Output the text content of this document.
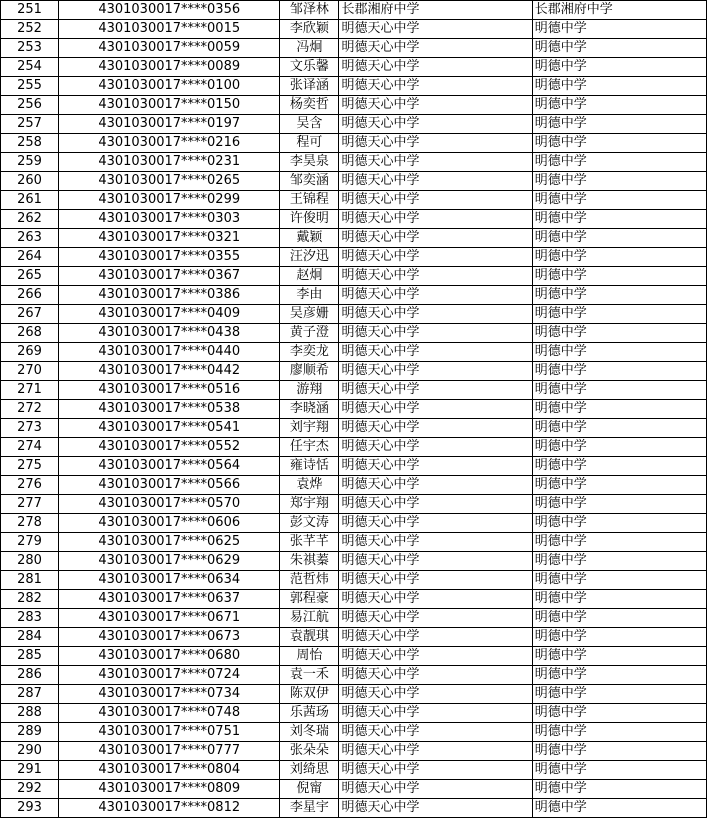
251	4301030017****0356	邹泽林	长郡湘府中学	长郡湘府中学
252	4301030017****0015	李欣颖	明德天心中学	明德中学
253	4301030017****0059	冯炯	明德天心中学	明德中学
254	4301030017****0089	文乐馨	明德天心中学	明德中学
255	4301030017****0100	张译涵	明德天心中学	明德中学
256	4301030017****0150	杨奕哲	明德天心中学	明德中学
257	4301030017****0197	吴含	明德天心中学	明德中学
258	4301030017****0216	程可	明德天心中学	明德中学
259	4301030017****0231	李昊泉	明德天心中学	明德中学
260	4301030017****0265	邹奕涵	明德天心中学	明德中学
261	4301030017****0299	王锦程	明德天心中学	明德中学
262	4301030017****0303	许俊明	明德天心中学	明德中学
263	4301030017****0321	戴颖	明德天心中学	明德中学
264	4301030017****0355	汪汐迅	明德天心中学	明德中学
265	4301030017****0367	赵炯	明德天心中学	明德中学
266	4301030017****0386	李由	明德天心中学	明德中学
267	4301030017****0409	吴彦姗	明德天心中学	明德中学
268	4301030017****0438	黄子澄	明德天心中学	明德中学
269	4301030017****0440	李奕龙	明德天心中学	明德中学
270	4301030017****0442	廖顺希	明德天心中学	明德中学
271	4301030017****0516	游翔	明德天心中学	明德中学
272	4301030017****0538	李晓涵	明德天心中学	明德中学
273	4301030017****0541	刘宇翔	明德天心中学	明德中学
274	4301030017****0552	任宇杰	明德天心中学	明德中学
275	4301030017****0564	雍诗恬	明德天心中学	明德中学
276	4301030017****0566	袁烨	明德天心中学	明德中学
277	4301030017****0570	郑宇翔	明德天心中学	明德中学
278	4301030017****0606	彭文涛	明德天心中学	明德中学
279	4301030017****0625	张芊芊	明德天心中学	明德中学
280	4301030017****0629	朱祺蓁	明德天心中学	明德中学
281	4301030017****0634	范哲炜	明德天心中学	明德中学
282	4301030017****0637	郭程豪	明德天心中学	明德中学
283	4301030017****0671	易江航	明德天心中学	明德中学
284	4301030017****0673	袁靓琪	明德天心中学	明德中学
285	4301030017****0680	周怡	明德天心中学	明德中学
286	4301030017****0724	袁一禾	明德天心中学	明德中学
287	4301030017****0734	陈双伊	明德天心中学	明德中学
288	4301030017****0748	乐茜玚	明德天心中学	明德中学
289	4301030017****0751	刘冬瑞	明德天心中学	明德中学
290	4301030017****0777	张朵朵	明德天心中学	明德中学
291	4301030017****0804	刘绮思	明德天心中学	明德中学
292	4301030017****0809	倪甯	明德天心中学	明德中学
293	4301030017****0812	李星宇	明德天心中学	明德中学
